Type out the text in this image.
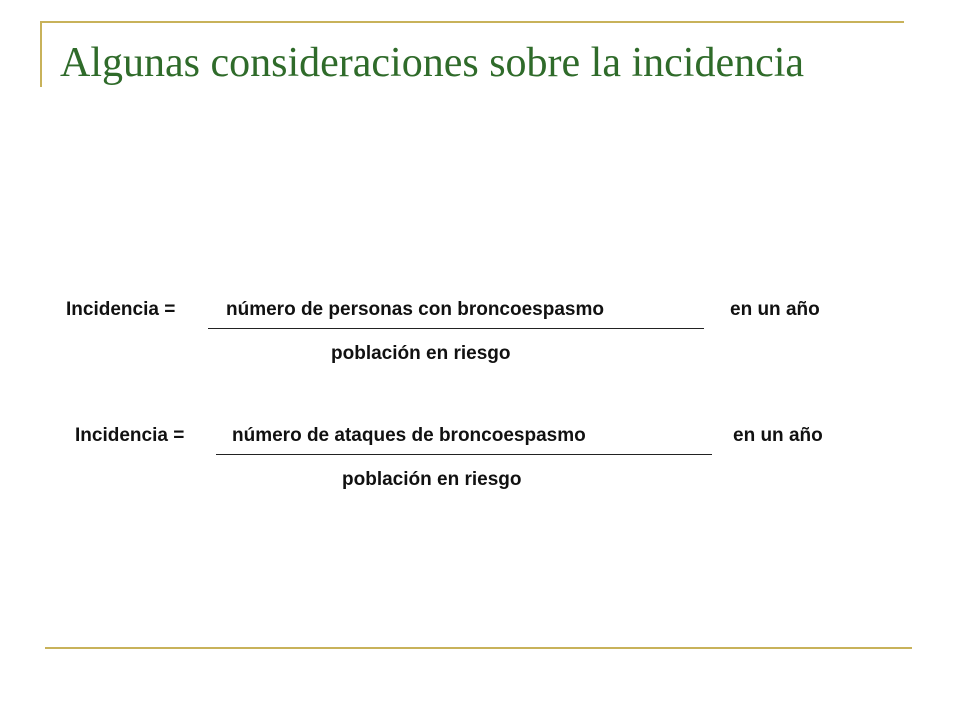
Algunas consideraciones sobre la incidencia
Incidencia =	número de personas con broncoespasmo	en un año
población en riesgo
Incidencia =	número de ataques de broncoespasmo	en un año
población en riesgo
